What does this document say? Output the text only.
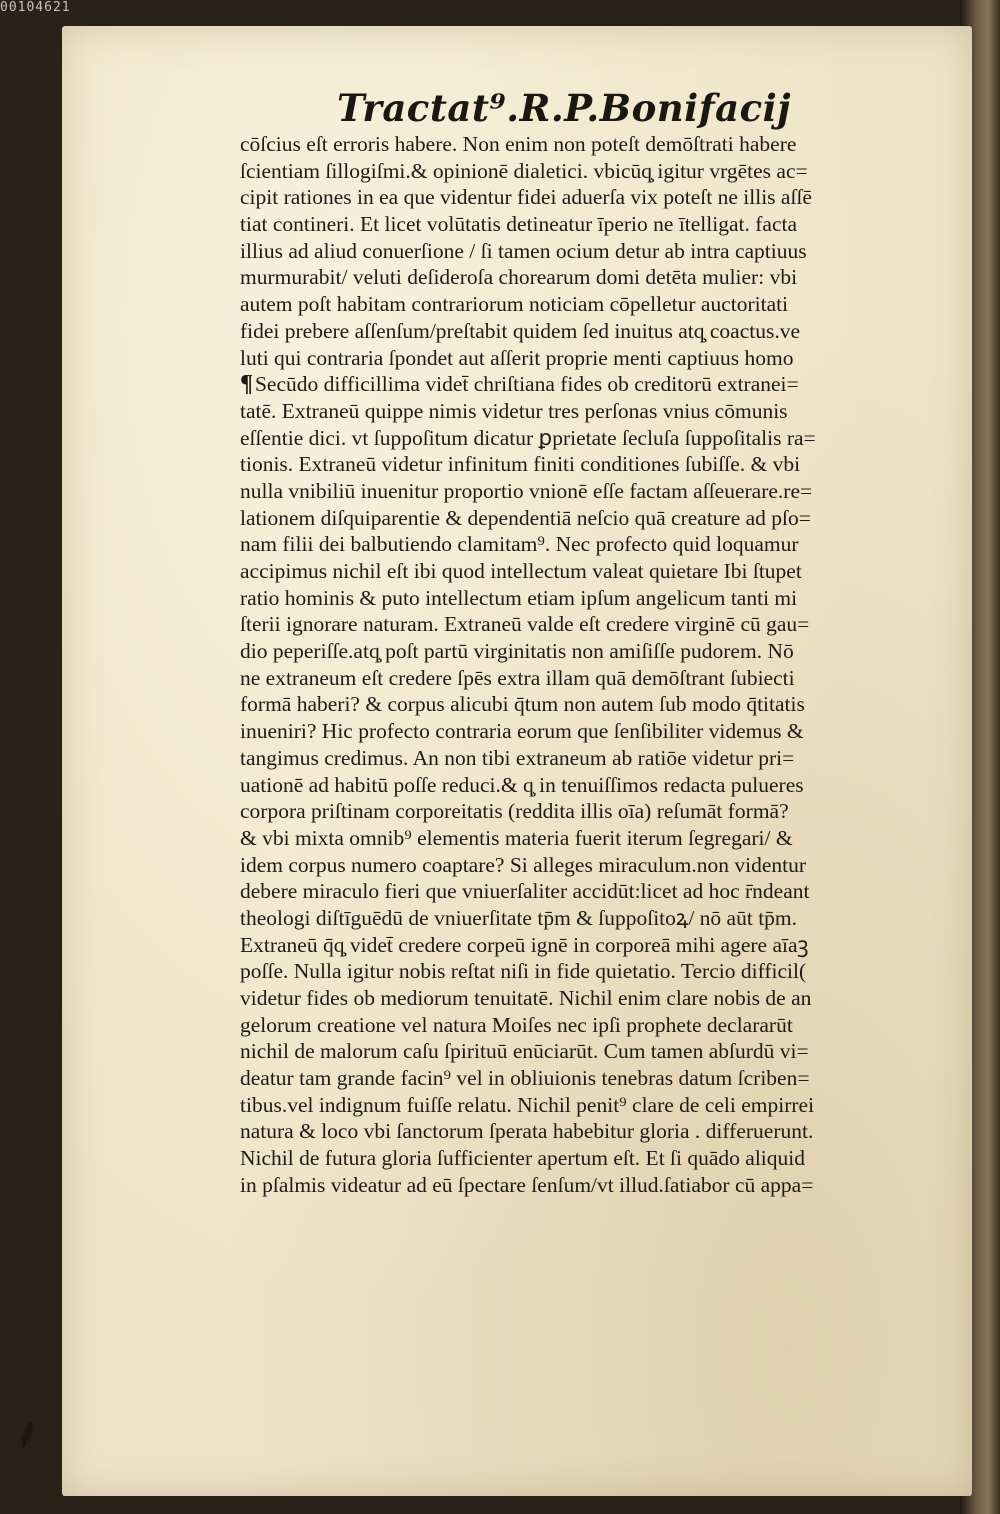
00104621
Tractat⁹.R.P.Bonifacij
cōſcius eſt erroris habere. Non enim non poteſt demōſtrati habere
ſcientiam ſillogiſmi.& opinionē dialetici. vbicūq̧ igitur vrgētes ac=
cipit rationes in ea que videntur fidei aduerſa vix poteſt ne illis aſſē
tiat contineri. Et licet volūtatis detineatur īperio ne ītelligat. facta
illius ad aliud conuerſione / ſi tamen ocium detur ab intra captiuus
murmurabit/ veluti deſideroſa chorearum domi detēta mulier: vbi
autem poſt habitam contrariorum noticiam cōpelletur auctoritati
fidei prebere aſſenſum/preſtabit quidem ſed inuitus atq̧ coactus.ve
luti qui contraria ſpondet aut aſſerit proprie menti captiuus homo
¶Secūdo difficillima videt̄ chriſtiana fides ob creditorū extranei=
tatē. Extraneū quippe nimis videtur tres perſonas vnius cōmunis
eſſentie dici. vt ſuppoſitum dicatur ꝑprietate ſecluſa ſuppoſitalis ra=
tionis. Extraneū videtur infinitum finiti conditiones ſubiſſe. & vbi
nulla vnibiliū inuenitur proportio vnionē eſſe factam aſſeuerare.re=
lationem diſquiparentie & dependentiā neſcio quā creature ad pſo=
nam filii dei balbutiendo clamitam⁹. Nec profecto quid loquamur
accipimus nichil eſt ibi quod intellectum valeat quietare Ibi ſtupet
ratio hominis & puto intellectum etiam ipſum angelicum tanti mi
ſterii ignorare naturam. Extraneū valde eſt credere virginē cū gau=
dio peperiſſe.atq̧ poſt partū virginitatis non amiſiſſe pudorem. Nō
ne extraneum eſt credere ſpēs extra illam quā demōſtrant ſubiecti
formā haberi? & corpus alicubi q̄tum non autem ſub modo q̄titatis
inueniri? Hic profecto contraria eorum que ſenſibiliter videmus &
tangimus credimus. An non tibi extraneum ab ratiōe videtur pri=
uationē ad habitū poſſe reduci.& q̧ in tenuiſſimos redacta pulueres
corpora priſtinam corporeitatis (reddita illis oīa) reſumāt formā?
& vbi mixta omnib⁹ elementis materia fuerit iterum ſegregari/ &
idem corpus numero coaptare? Si alleges miraculum.non videntur
debere miraculo fieri que vniuerſaliter accidūt:licet ad hoc r̄ndeant
theologi diſtīguēdū de vniuerſitate tp̄m & ſuppoſitoꝝ/ nō aūt tp̄m.
Extraneū q̄q̧ videt̄ credere corpeū ignē in corporeā mihi agere aīaꝫ
poſſe. Nulla igitur nobis reſtat niſi in fide quietatio. Tercio difficil(
videtur fides ob mediorum tenuitatē. Nichil enim clare nobis de an
gelorum creatione vel natura Moiſes nec ipſi prophete declararūt
nichil de malorum caſu ſpirituū enūciarūt. Cum tamen abſurdū vi=
deatur tam grande facin⁹ vel in obliuionis tenebras datum ſcriben=
tibus.vel indignum fuiſſe relatu. Nichil penit⁹ clare de celi empirrei
natura & loco vbi ſanctorum ſperata habebitur gloria . differuerunt.
Nichil de futura gloria ſufficienter apertum eſt. Et ſi quādo aliquid
in pſalmis videatur ad eū ſpectare ſenſum/vt illud.ſatiabor cū appa=
⸙
